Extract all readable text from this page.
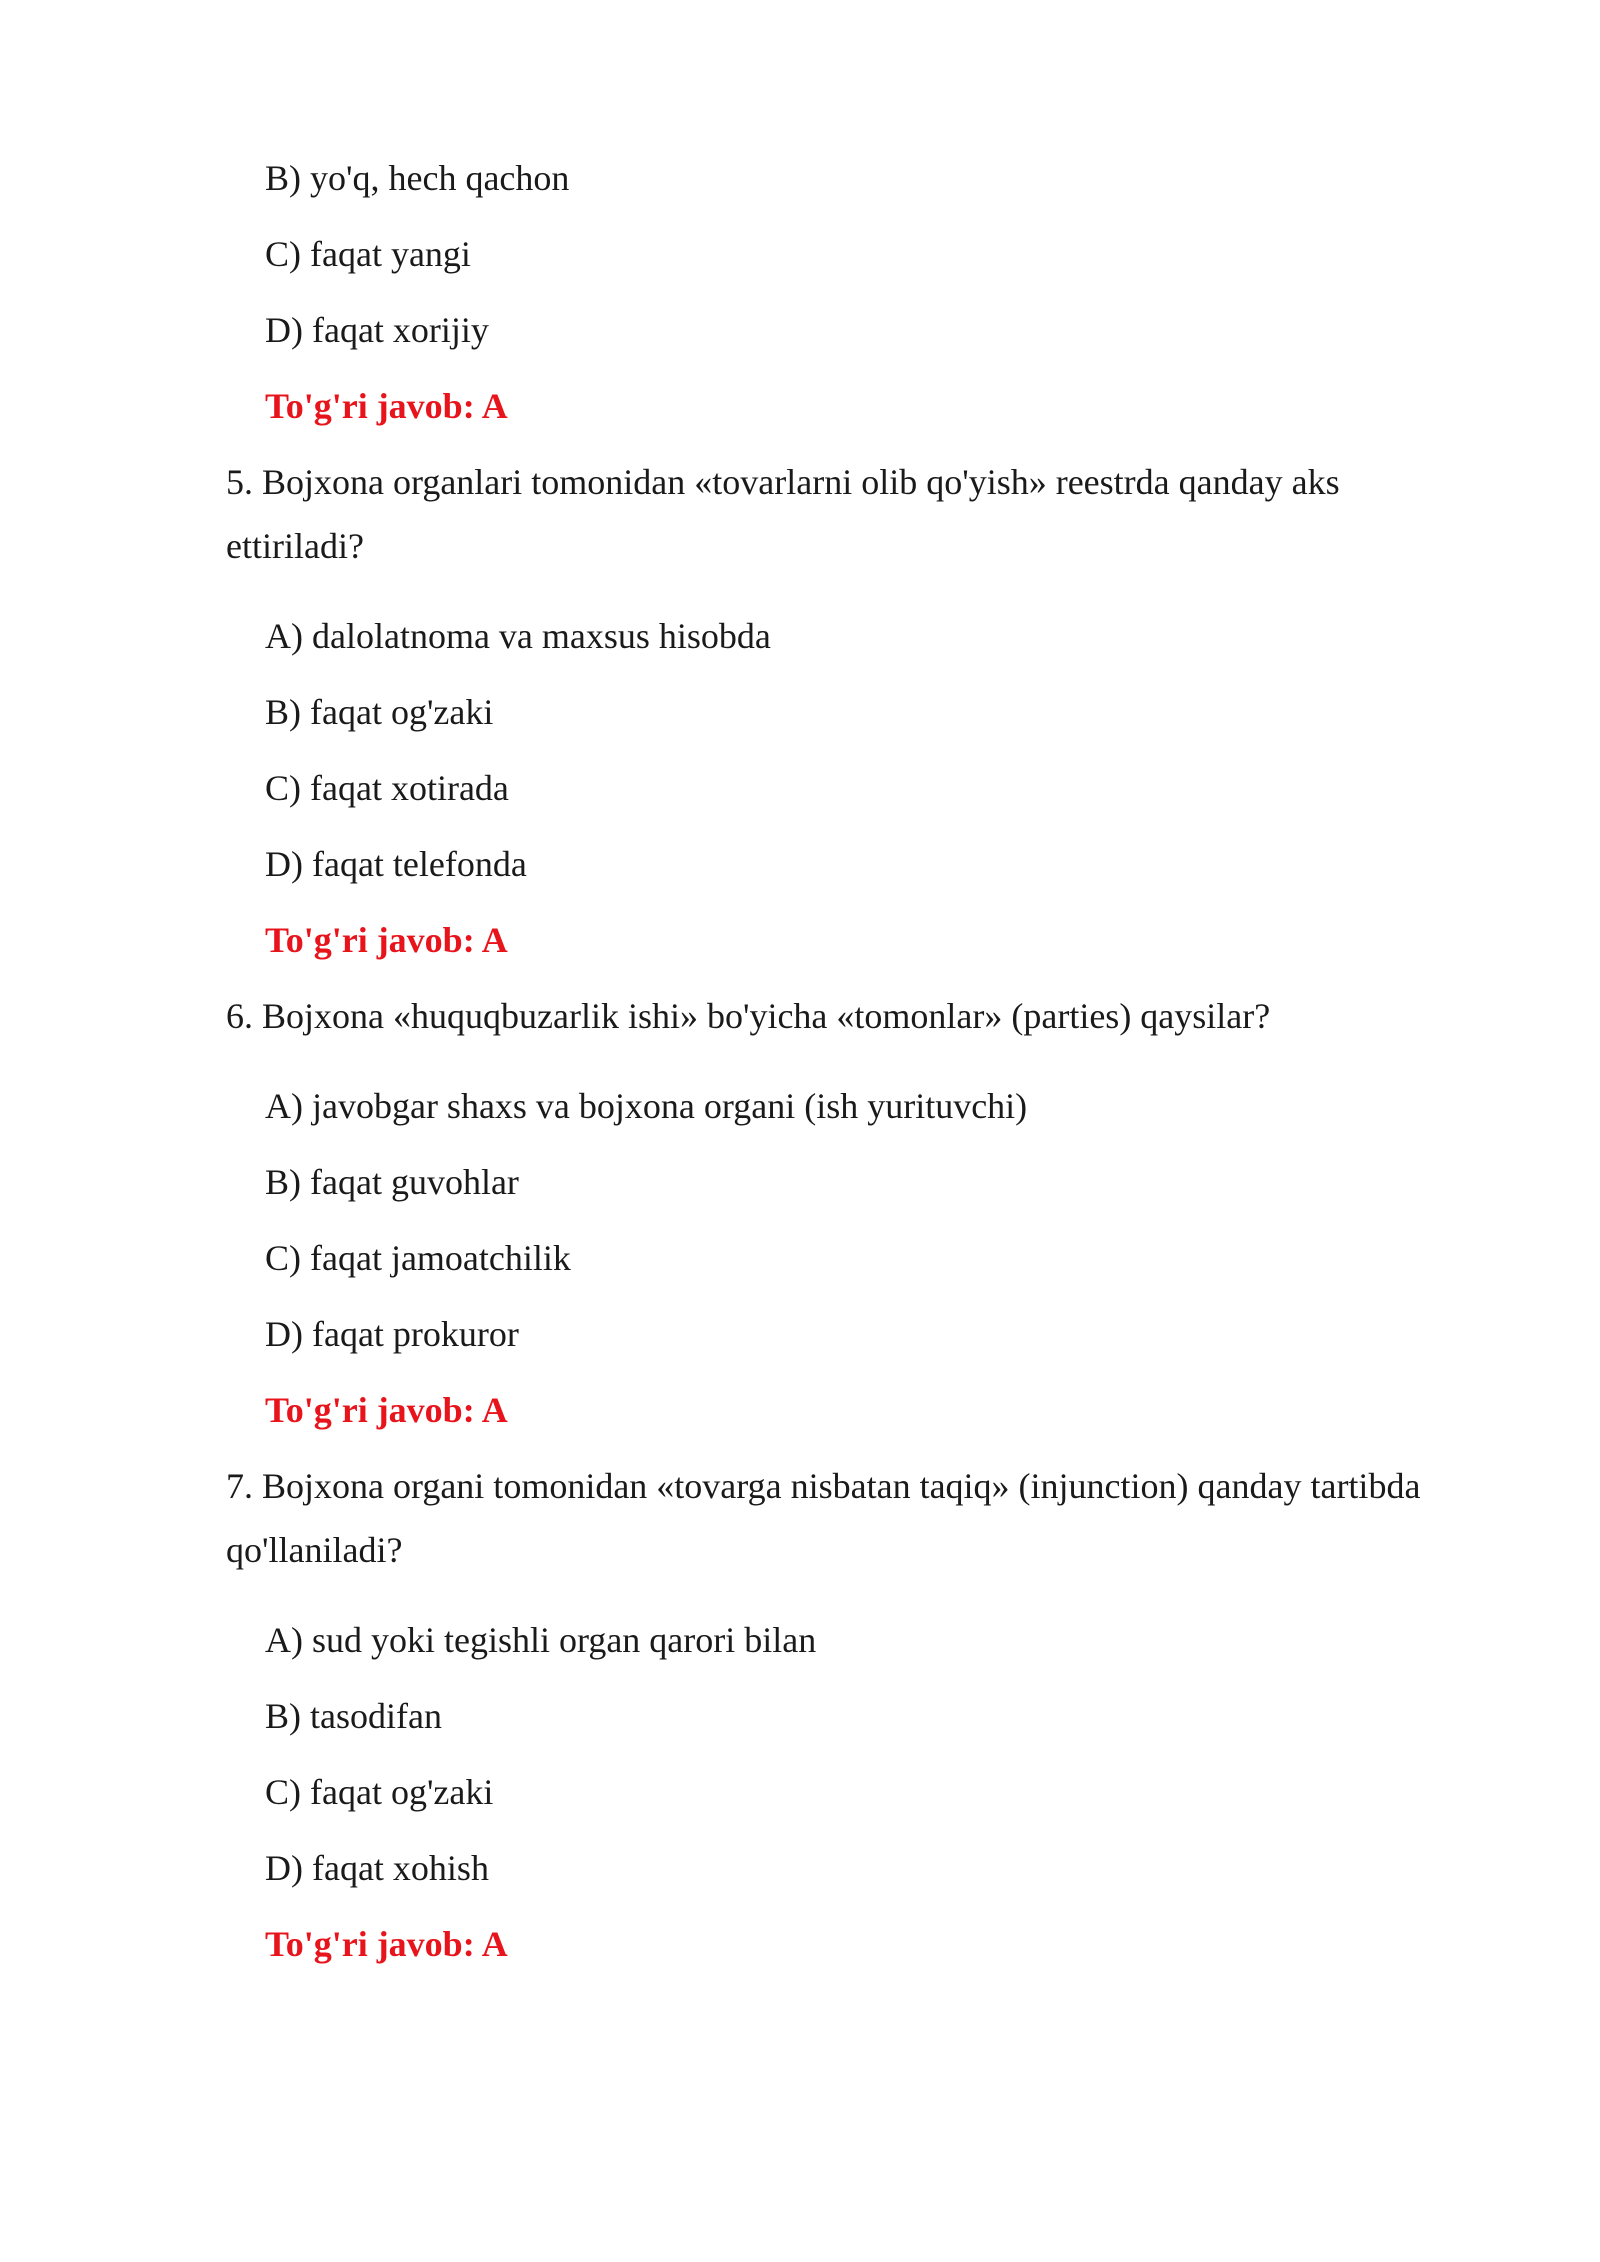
B) yo'q, hech qachon
C) faqat yangi
D) faqat xorijiy
To'g'ri javob: A
5. Bojxona organlari tomonidan «tovarlarni olib qo'yish» reestrda qanday aks
ettiriladi?
A) dalolatnoma va maxsus hisobda
B) faqat og'zaki
C) faqat xotirada
D) faqat telefonda
To'g'ri javob: A
6. Bojxona «huquqbuzarlik ishi» bo'yicha «tomonlar» (parties) qaysilar?
A) javobgar shaxs va bojxona organi (ish yurituvchi)
B) faqat guvohlar
C) faqat jamoatchilik
D) faqat prokuror
To'g'ri javob: A
7. Bojxona organi tomonidan «tovarga nisbatan taqiq» (injunction) qanday tartibda
qo'llaniladi?
A) sud yoki tegishli organ qarori bilan
B) tasodifan
C) faqat og'zaki
D) faqat xohish
To'g'ri javob: A
